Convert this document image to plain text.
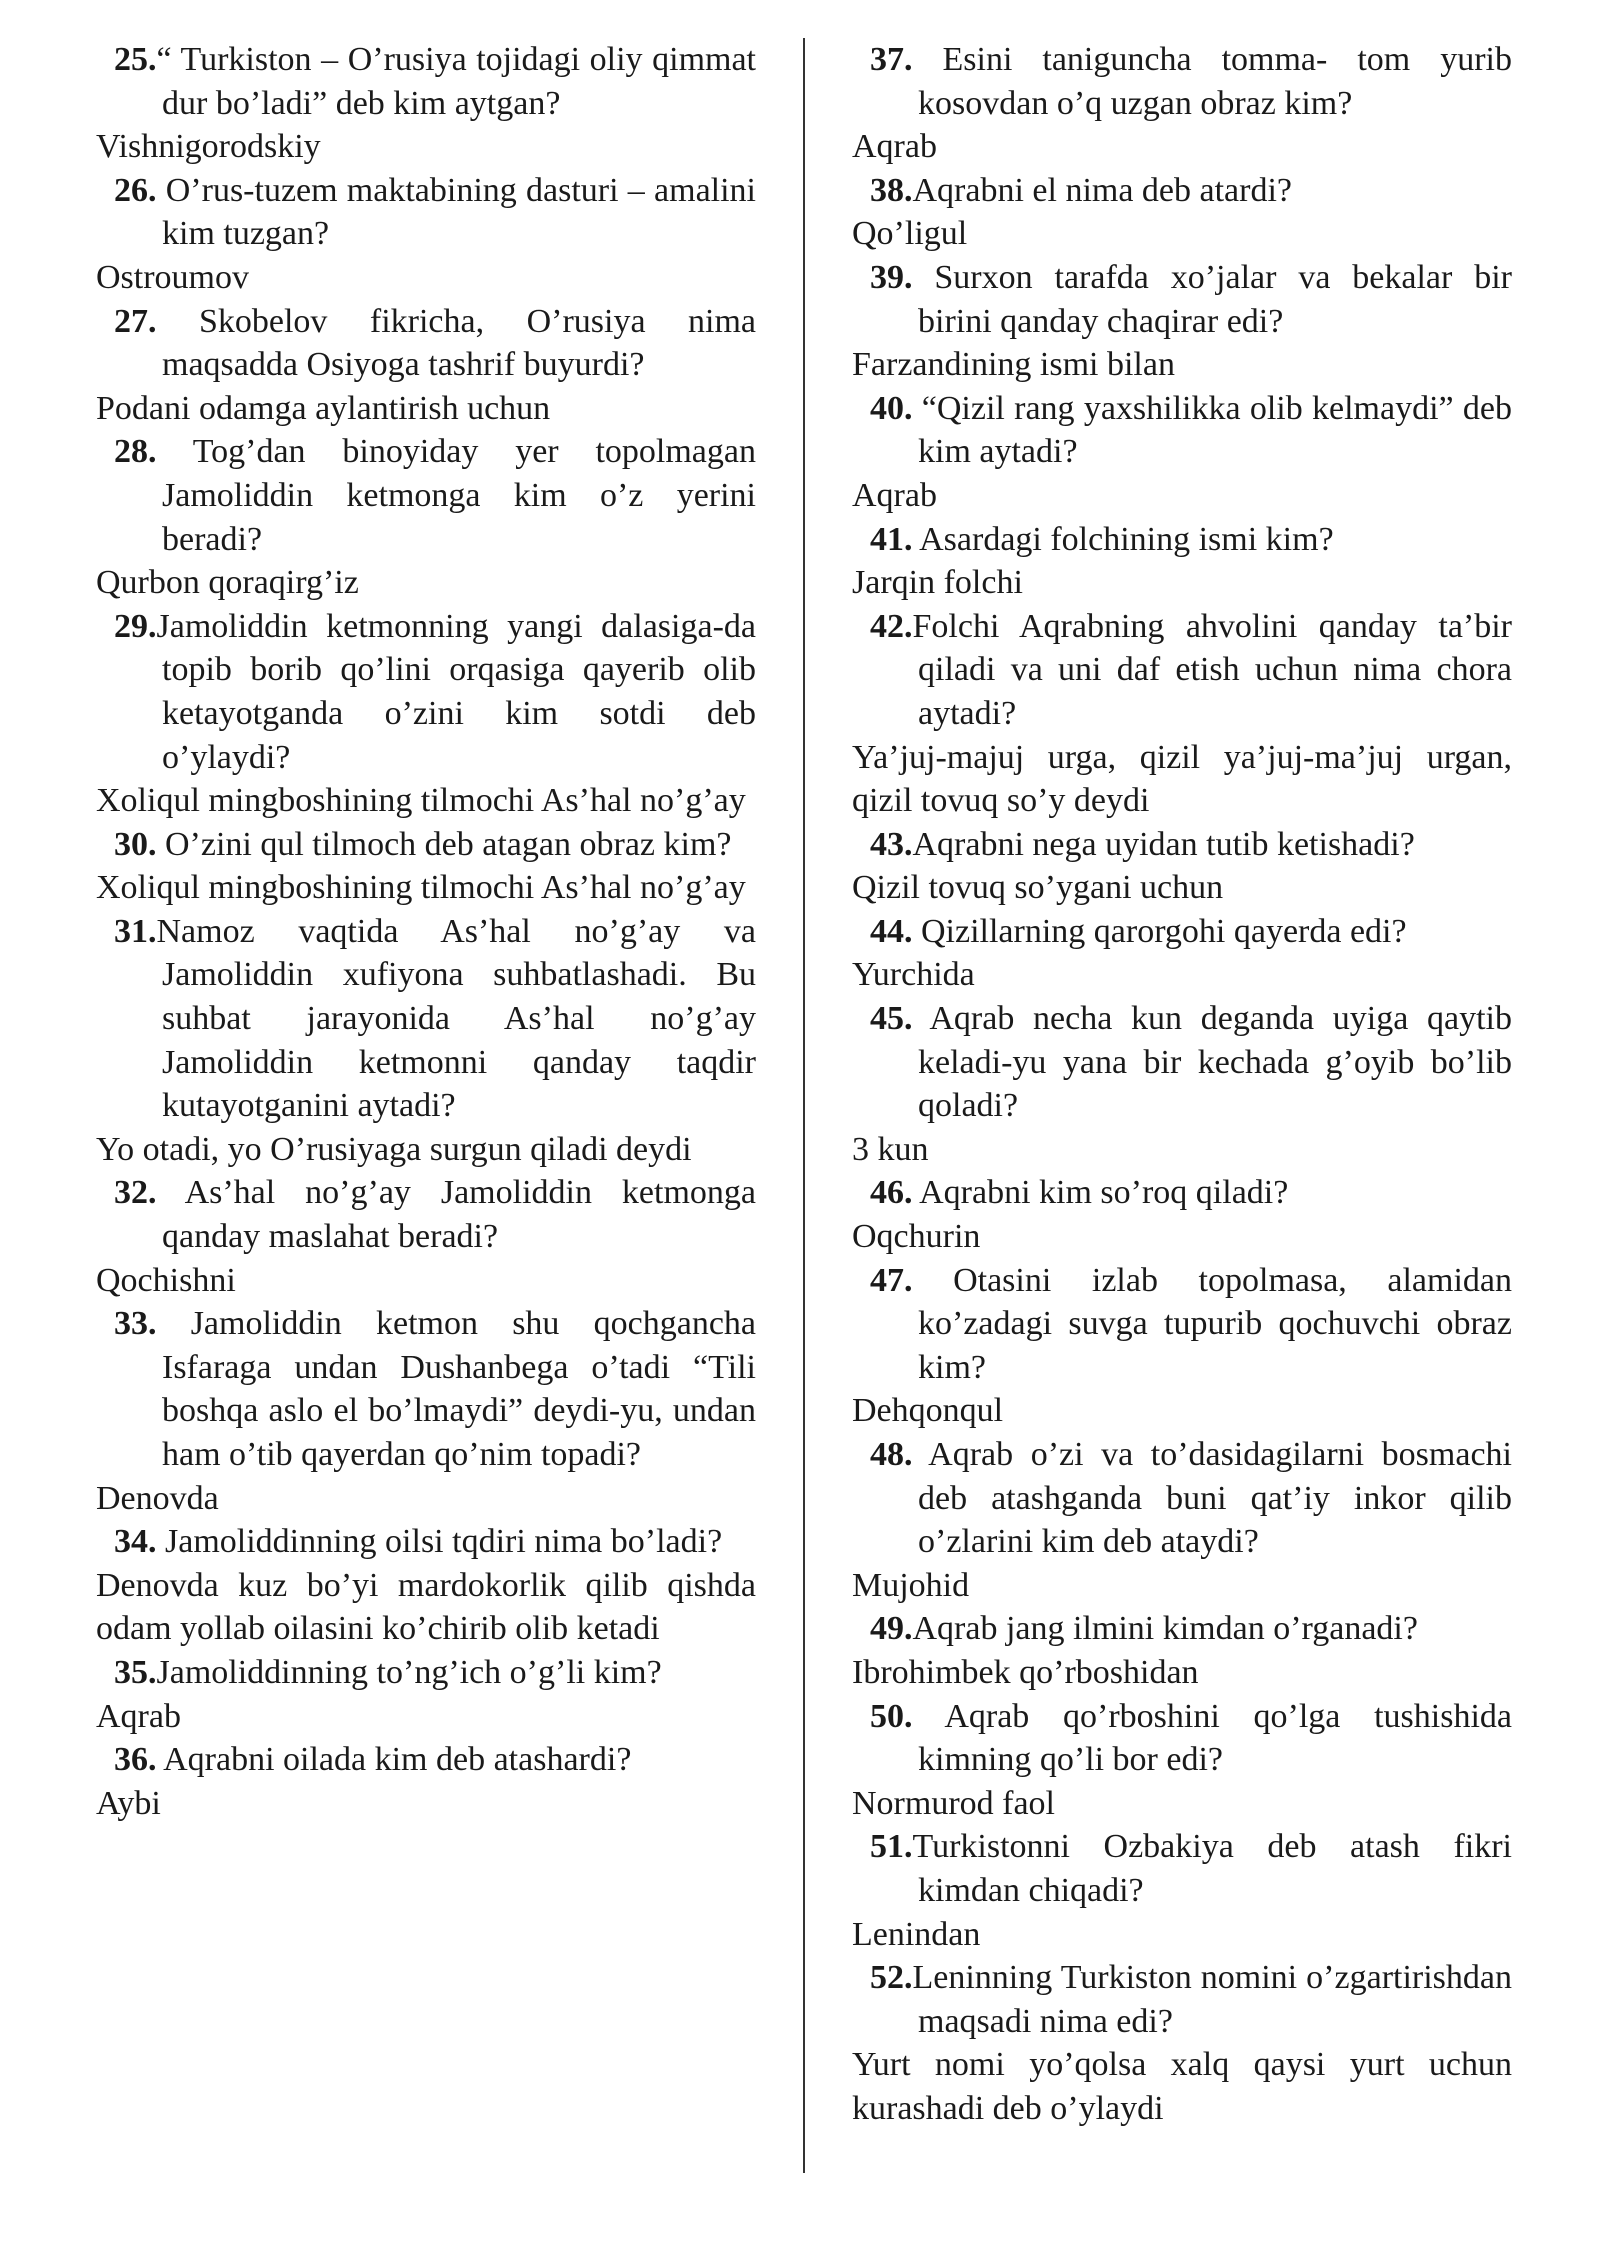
25.“ Turkiston – O’rusiya tojidagi oliy qimmat dur bo’ladi” deb kim aytgan?

Vishnigorodskiy

26. O’rus-tuzem maktabining dasturi – amalini kim tuzgan?

Ostroumov

27. Skobelov fikricha, O’rusiya nima maqsadda Osiyoga tashrif buyurdi?

Podani odamga aylantirish uchun

28. Tog’dan binoyiday yer topolmagan Jamoliddin ketmonga kim o’z yerini beradi?

Qurbon qoraqirg’iz

29.Jamoliddin ketmonning yangi dalasiga-da topib borib qo’lini orqasiga qayerib olib ketayotganda o’zini kim sotdi deb o’ylaydi?

Xoliqul mingboshining tilmochi As’hal no’g’ay

30. O’zini qul tilmoch deb atagan obraz kim?

Xoliqul mingboshining tilmochi As’hal no’g’ay

31.Namoz vaqtida As’hal no’g’ay va Jamoliddin xufiyona suhbatlashadi. Bu suhbat jarayonida As’hal no’g’ay Jamoliddin ketmonni qanday taqdir kutayotganini aytadi?

Yo otadi, yo O’rusiyaga surgun qiladi deydi

32. As’hal no’g’ay Jamoliddin ketmonga qanday maslahat beradi?

Qochishni

33. Jamoliddin ketmon shu qochgancha Isfaraga undan Dushanbega o’tadi “Tili boshqa aslo el bo’lmaydi” deydi-yu, undan ham o’tib qayerdan qo’nim topadi?

Denovda

34. Jamoliddinning oilsi tqdiri nima bo’ladi?

Denovda kuz bo’yi mardokorlik qilib qishda odam yollab oilasini ko’chirib olib ketadi

35.Jamoliddinning to’ng’ich o’g’li kim?

Aqrab

36. Aqrabni oilada kim deb atashardi?

Aybi

37. Esini taniguncha tomma- tom yurib kosovdan o’q uzgan obraz kim?

Aqrab

38.Aqrabni el nima deb atardi?

Qo’ligul

39. Surxon tarafda xo’jalar va bekalar bir birini qanday chaqirar edi?

Farzandining ismi bilan

40. “Qizil rang yaxshilikka olib kelmaydi” deb kim aytadi?

Aqrab

41. Asardagi folchining ismi kim?

Jarqin folchi

42.Folchi Aqrabning ahvolini qanday ta’bir qiladi va uni daf etish uchun nima chora aytadi?

Ya’juj-majuj urga, qizil ya’juj-ma’juj urgan, qizil tovuq so’y deydi

43.Aqrabni nega uyidan tutib ketishadi?

Qizil tovuq so’ygani uchun

44. Qizillarning qarorgohi qayerda edi?

Yurchida

45. Aqrab necha kun deganda uyiga qaytib keladi-yu yana bir kechada g’oyib bo’lib qoladi?

3 kun

46. Aqrabni kim so’roq qiladi?

Oqchurin

47. Otasini izlab topolmasa, alamidan ko’zadagi suvga tupurib qochuvchi obraz kim?

Dehqonqul

48. Aqrab o’zi va to’dasidagilarni bosmachi deb atashganda buni qat’iy inkor qilib o’zlarini kim deb ataydi?

Mujohid

49.Aqrab jang ilmini kimdan o’rganadi?

Ibrohimbek qo’rboshidan

50. Aqrab qo’rboshini qo’lga tushishida kimning qo’li bor edi?

Normurod faol

51.Turkistonni Ozbakiya deb atash fikri kimdan chiqadi?

Lenindan

52.Leninning Turkiston nomini o’zgartirishdan maqsadi nima edi?

Yurt nomi yo’qolsa xalq qaysi yurt uchun kurashadi deb o’ylaydi
